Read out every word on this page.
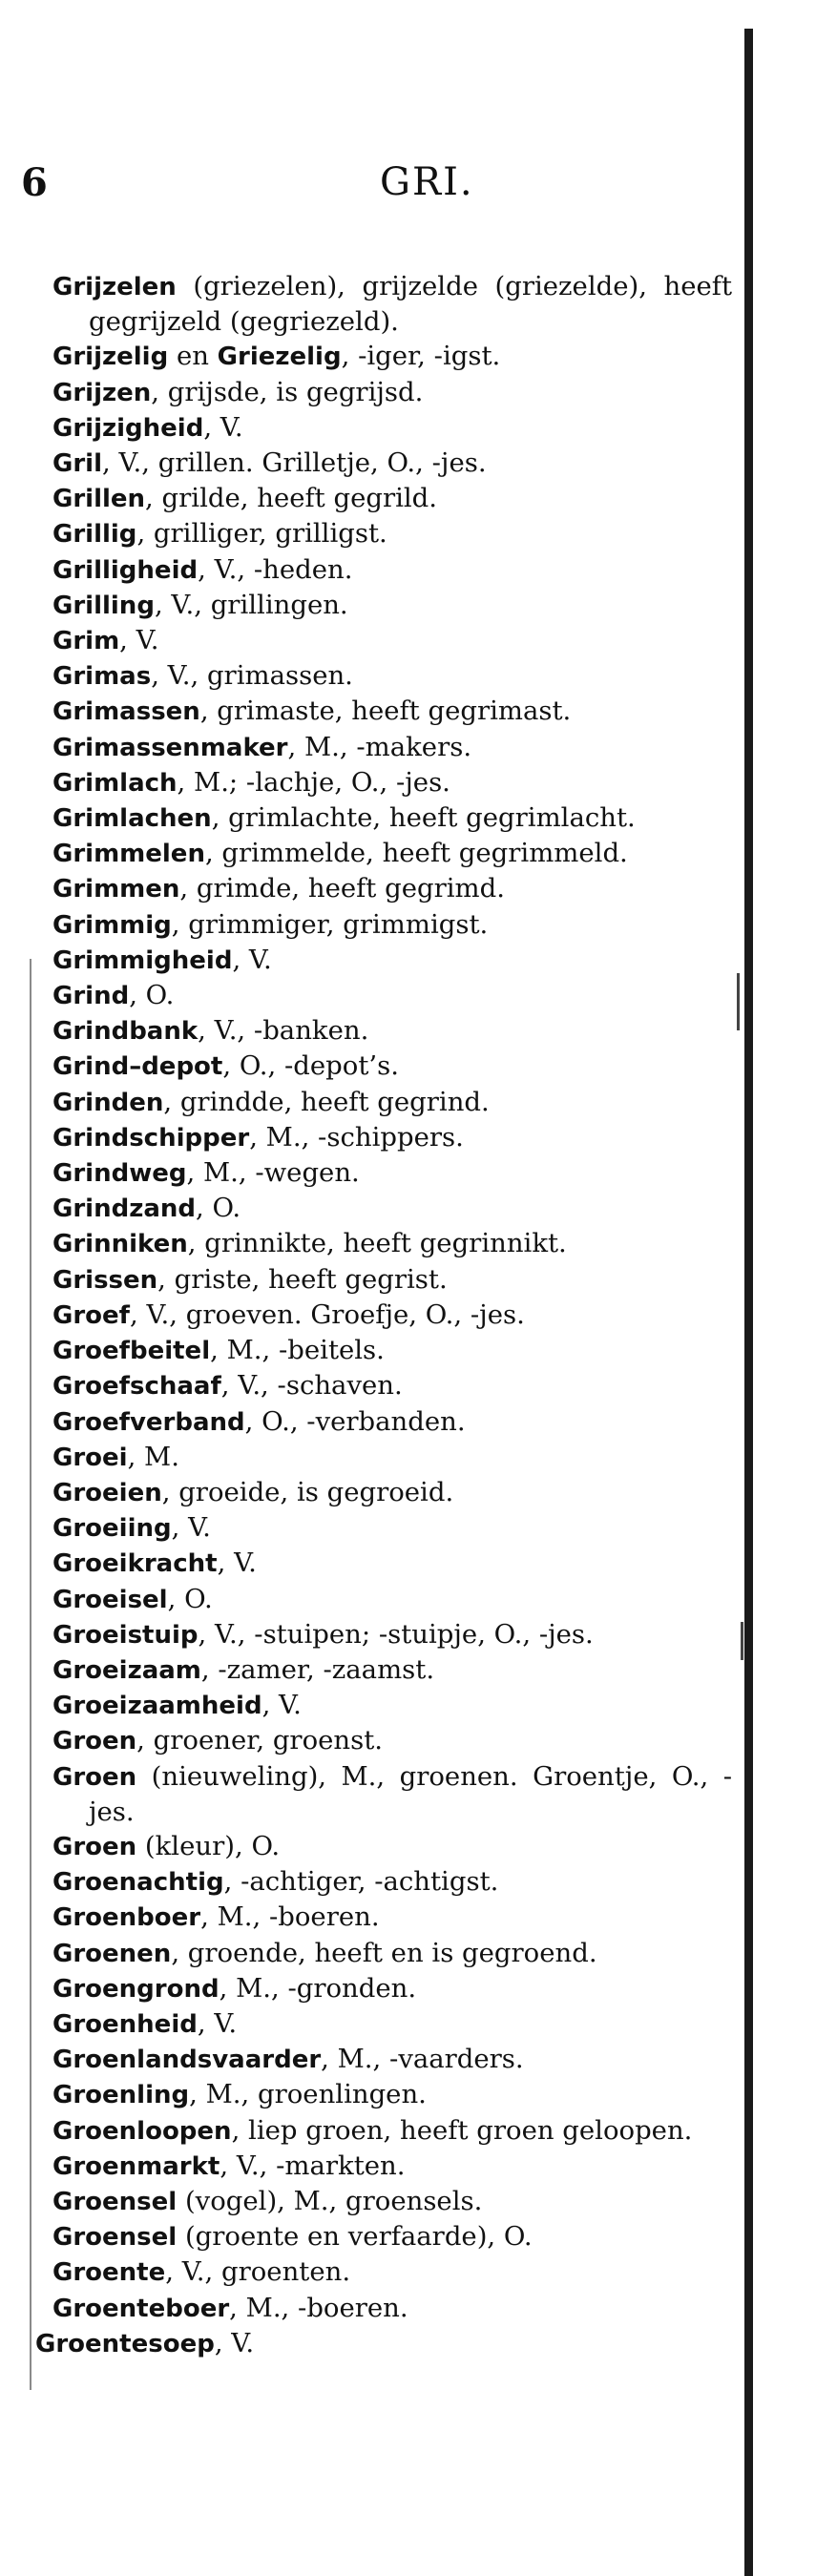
6	GRI.
Grijzelen (griezelen), grijzelde (griezelde), heeft gegrijzeld (gegriezeld).
Grijzelig en Griezelig, -iger, -igst.
Grijzen, grijsde, is gegrijsd.
Grijzigheid, V.
Gril, V., grillen. Grilletje, O., -jes.
Grillen, grilde, heeft gegrild.
Grillig, grilliger, grilligst.
Grilligheid, V., -heden.
Grilling, V., grillingen.
Grim, V.
Grimas, V., grimassen.
Grimassen, grimaste, heeft gegrimast.
Grimassenmaker, M., -makers.
Grimlach, M.; -lachje, O., -jes.
Grimlachen, grimlachte, heeft gegrimlacht.
Grimmelen, grimmelde, heeft gegrimmeld.
Grimmen, grimde, heeft gegrimd.
Grimmig, grimmiger, grimmigst.
Grimmigheid, V.
Grind, O.
Grindbank, V., -banken.
Grind–depot, O., -depot’s.
Grinden, grindde, heeft gegrind.
Grindschipper, M., -schippers.
Grindweg, M., -wegen.
Grindzand, O.
Grinniken, grinnikte, heeft gegrinnikt.
Grissen, griste, heeft gegrist.
Groef, V., groeven. Groefje, O., -jes.
Groefbeitel, M., -beitels.
Groefschaaf, V., -schaven.
Groefverband, O., -verbanden.
Groei, M.
Groeien, groeide, is gegroeid.
Groeiing, V.
Groeikracht, V.
Groeisel, O.
Groeistuip, V., -stuipen; -stuipje, O., -jes.
Groeizaam, -zamer, -zaamst.
Groeizaamheid, V.
Groen, groener, groenst.
Groen (nieuweling), M., groenen. Groentje, O., -jes.
Groen (kleur), O.
Groenachtig, -achtiger, -achtigst.
Groenboer, M., -boeren.
Groenen, groende, heeft en is gegroend.
Groengrond, M., -gronden.
Groenheid, V.
Groenlandsvaarder, M., -vaarders.
Groenling, M., groenlingen.
Groenloopen, liep groen, heeft groen geloopen.
Groenmarkt, V., -markten.
Groensel (vogel), M., groensels.
Groensel (groente en verfaarde), O.
Groente, V., groenten.
Groenteboer, M., -boeren.
Groentesoep, V.
